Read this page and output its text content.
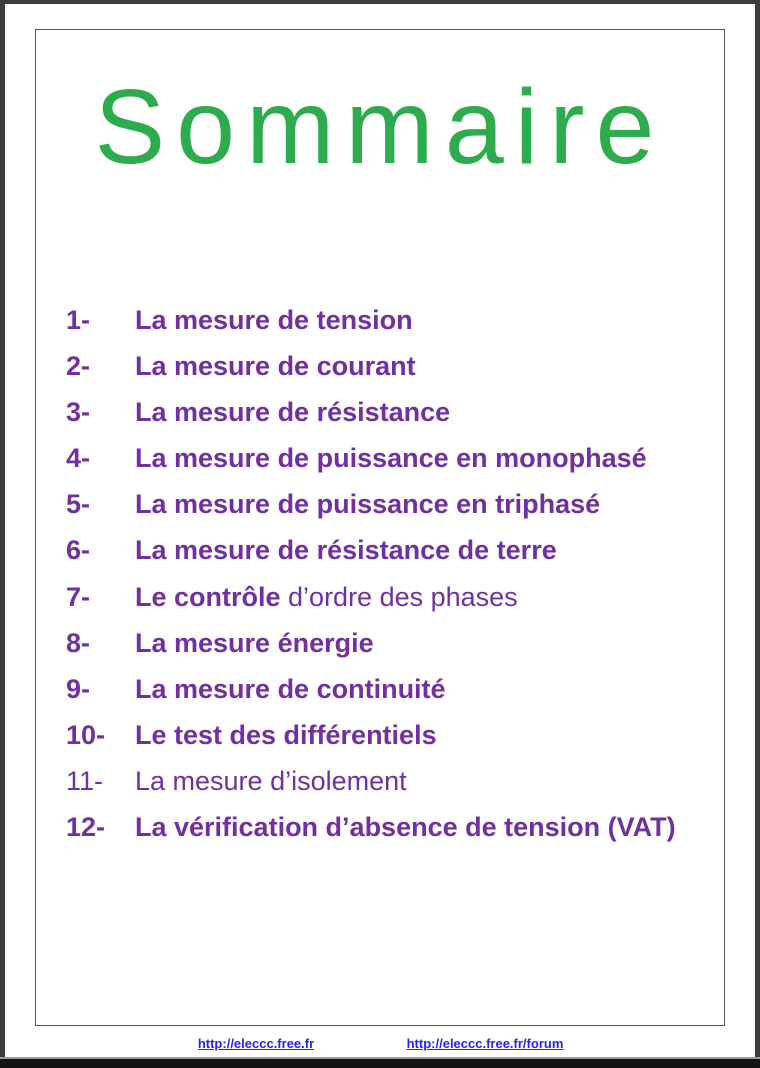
Sommaire
1-	La mesure de tension
2-	La mesure de courant
3-	La mesure de résistance
4-	La mesure de puissance en monophasé
5-	La mesure de puissance en triphasé
6-	La mesure de résistance de terre
7-	Le contrôle d’ordre des phases
8-	La mesure énergie
9-	La mesure de continuité
10-	Le test des différentiels
11-	La mesure d’isolement
12-	La vérification d’absence de tension (VAT)
http://eleccc.free.fr	http://eleccc.free.fr/forum
